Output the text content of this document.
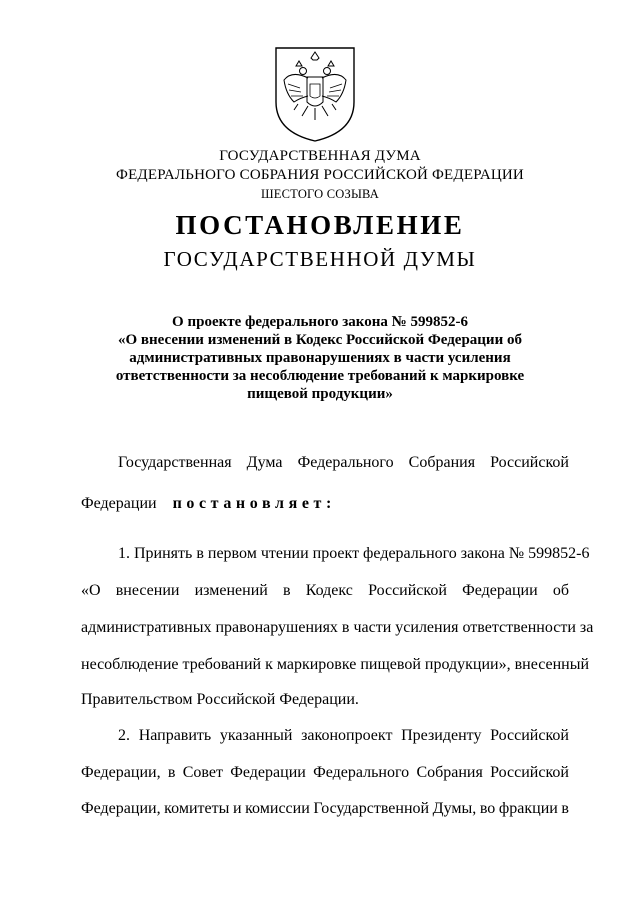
ГОСУДАРСТВЕННАЯ ДУМА
ФЕДЕРАЛЬНОГО СОБРАНИЯ РОССИЙСКОЙ ФЕДЕРАЦИИ
ШЕСТОГО СОЗЫВА
ПОСТАНОВЛЕНИЕ
ГОСУДАРСТВЕННОЙ ДУМЫ
О проекте федерального закона № 599852-6
«О внесении изменений в Кодекс Российской Федерации об
административных правонарушениях в части усиления
ответственности за несоблюдение требований к маркировке
пищевой продукции»
Государственная Дума Федерального Собрания Российской
Федерации постановляет:
1. Принять в первом чтении проект федерального закона № 599852-6
«О внесении изменений в Кодекс Российской Федерации об
административных правонарушениях в части усиления ответственности за
несоблюдение требований к маркировке пищевой продукции», внесенный
Правительством Российской Федерации.
2. Направить указанный законопроект Президенту Российской
Федерации, в Совет Федерации Федерального Собрания Российской
Федерации, комитеты и комиссии Государственной Думы, во фракции в
